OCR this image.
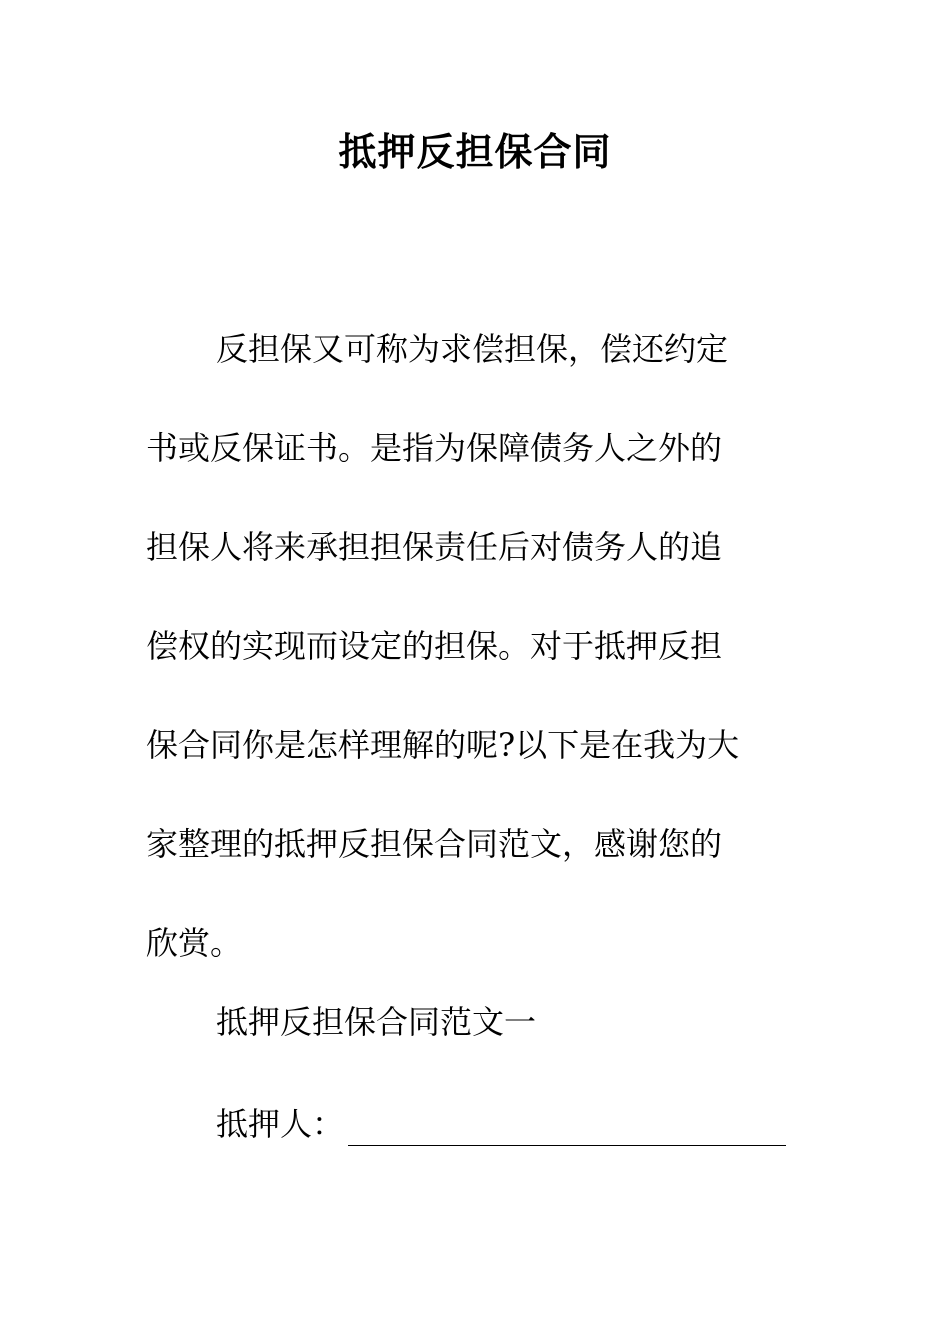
抵押反担保合同
反担保又可称为求偿担保，偿还约定
书或反保证书。是指为保障债务人之外的
担保人将来承担担保责任后对债务人的追
偿权的实现而设定的担保。对于抵押反担
保合同你是怎样理解的呢?以下是在我为大
家整理的抵押反担保合同范文，感谢您的
欣赏。
抵押反担保合同范文一
抵押人：
